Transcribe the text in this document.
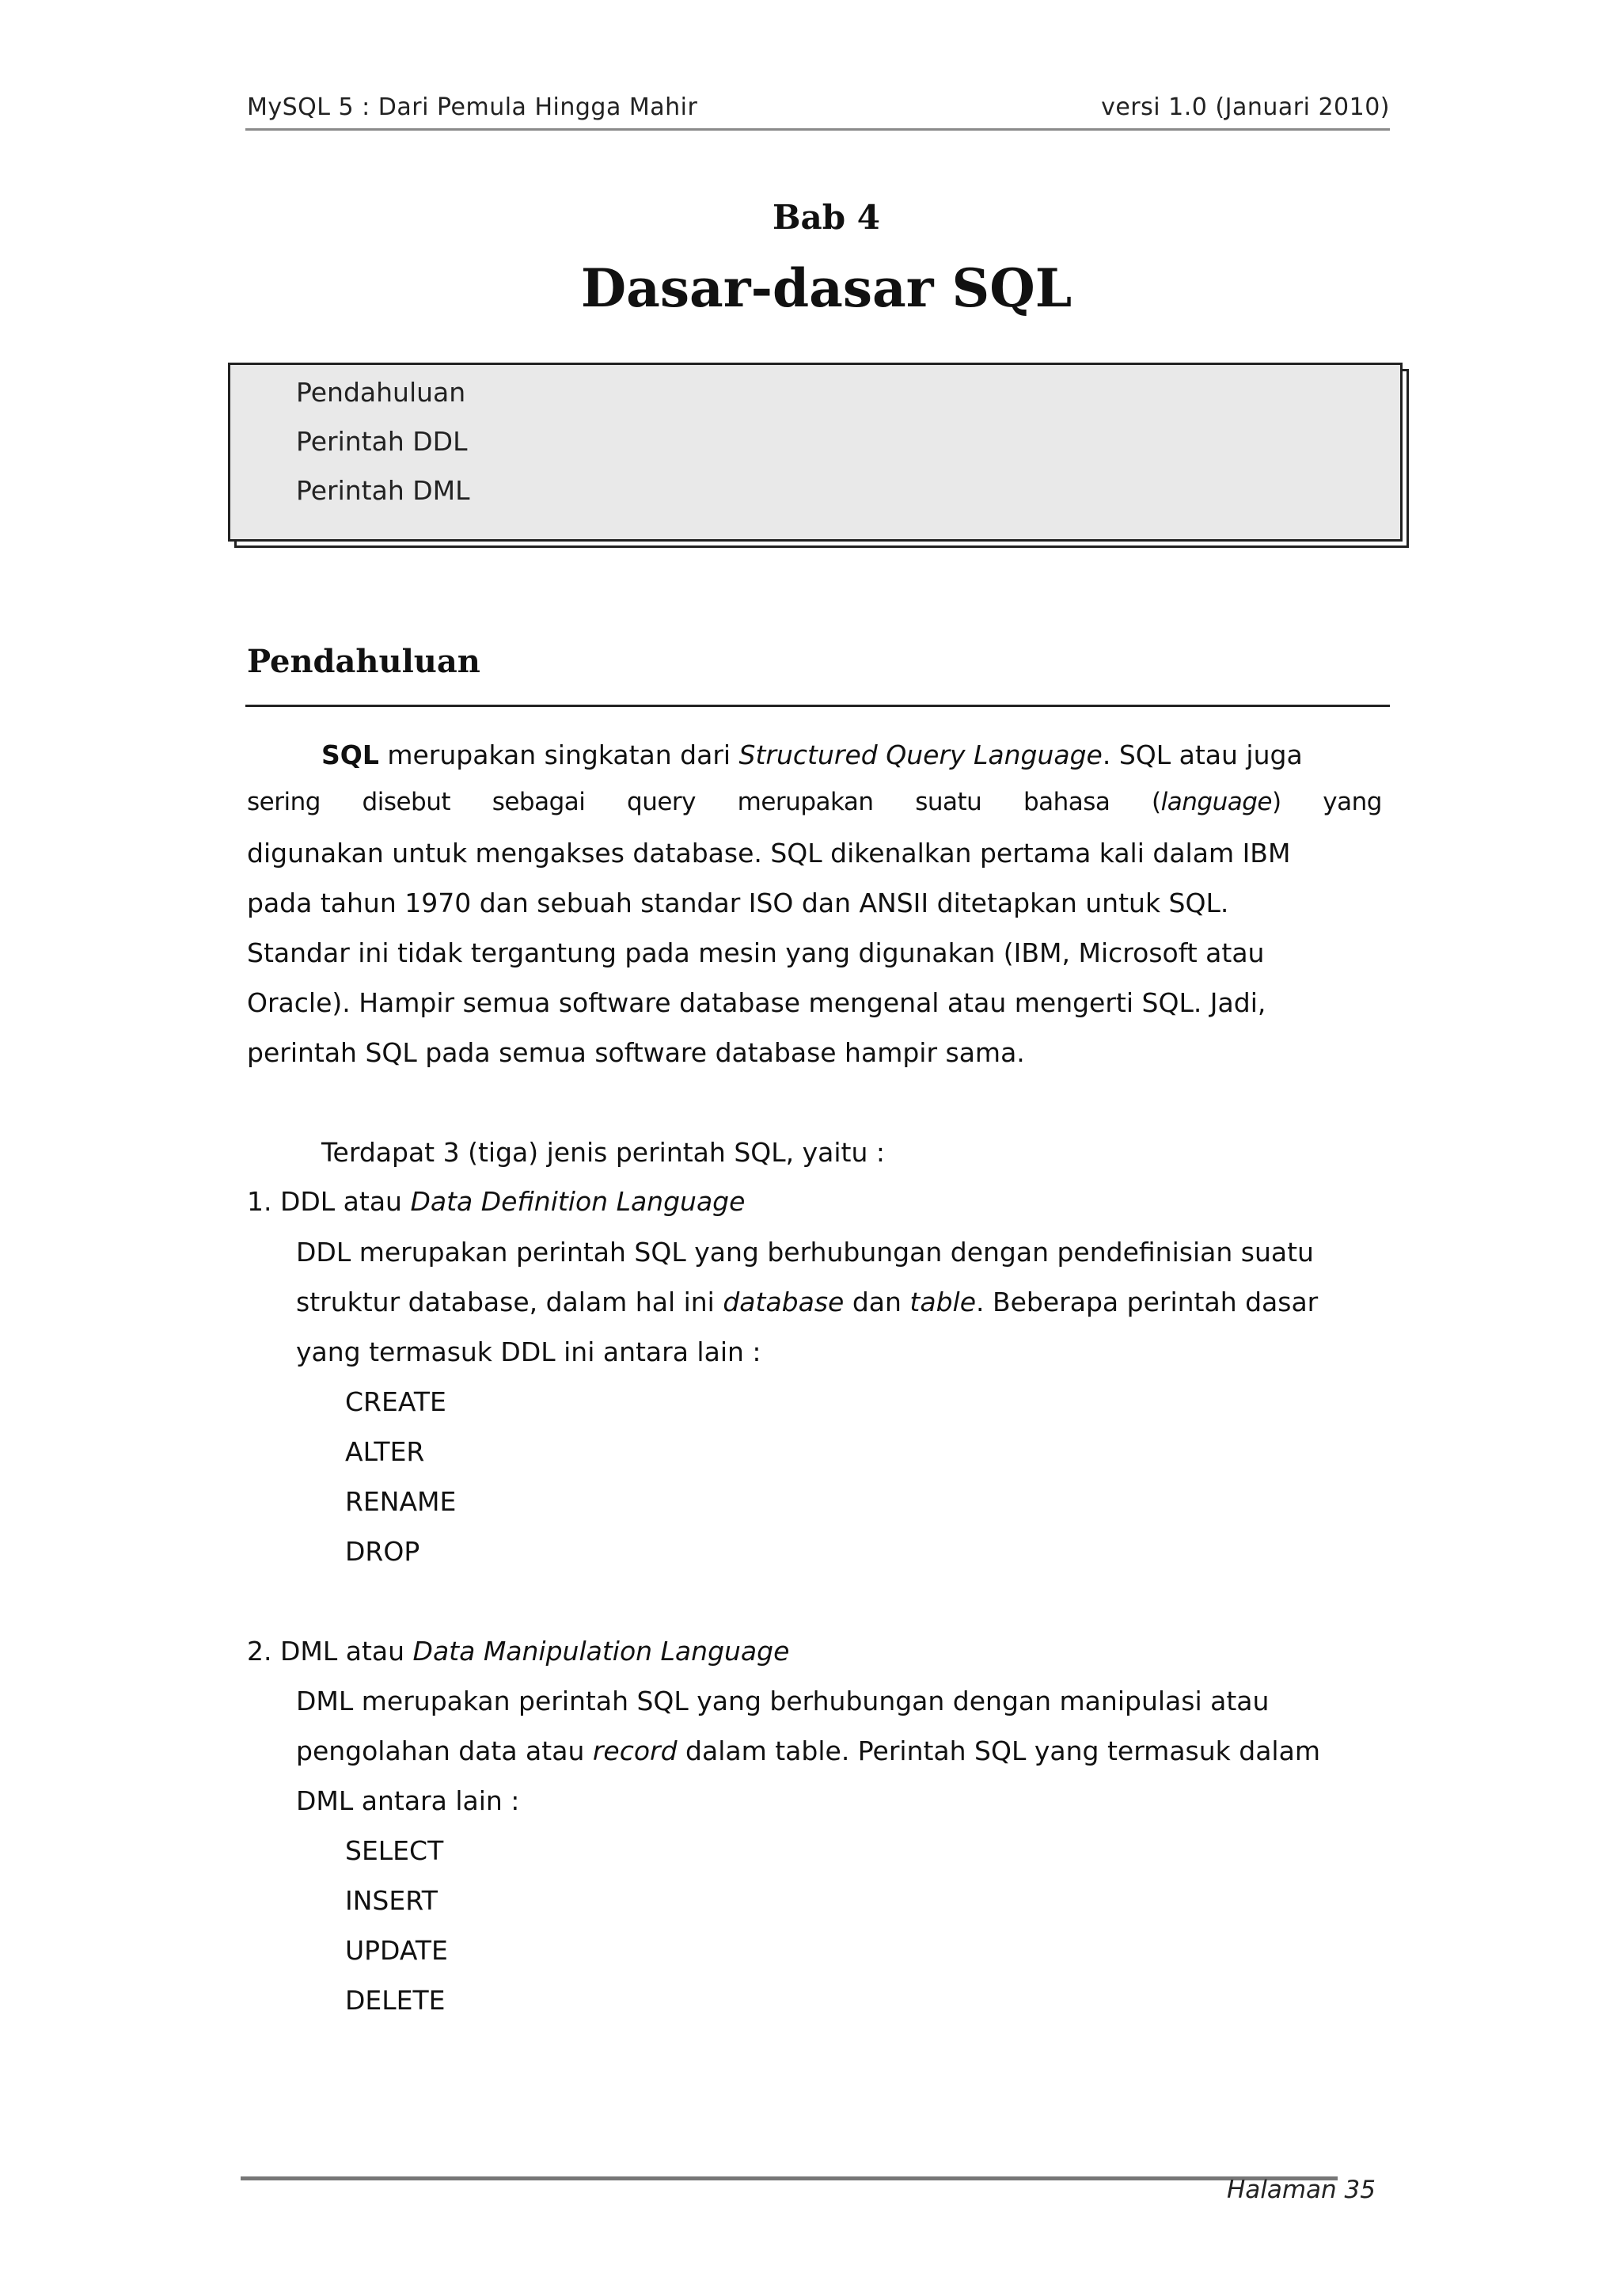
MySQL 5 : Dari Pemula Hingga Mahir	versi 1.0 (Januari 2010)
Bab 4
Dasar-dasar SQL
Pendahuluan
Perintah DDL
Perintah DML
Pendahuluan
SQL merupakan singkatan dari Structured Query Language. SQL atau juga
sering disebut sebagai query merupakan suatu bahasa (language) yang
digunakan untuk mengakses database. SQL dikenalkan pertama kali dalam IBM
pada tahun 1970 dan sebuah standar ISO dan ANSII ditetapkan untuk SQL.
Standar ini tidak tergantung pada mesin yang digunakan (IBM, Microsoft atau
Oracle). Hampir semua software database mengenal atau mengerti SQL. Jadi,
perintah SQL pada semua software database hampir sama.
Terdapat 3 (tiga) jenis perintah SQL, yaitu :
1. DDL atau Data Definition Language
DDL merupakan perintah SQL yang berhubungan dengan pendefinisian suatu
struktur database, dalam hal ini database dan table. Beberapa perintah dasar
yang termasuk DDL ini antara lain :
CREATE
ALTER
RENAME
DROP
2. DML atau Data Manipulation Language
DML merupakan perintah SQL yang berhubungan dengan manipulasi atau
pengolahan data atau record dalam table. Perintah SQL yang termasuk dalam
DML antara lain :
SELECT
INSERT
UPDATE
DELETE
Halaman 35
